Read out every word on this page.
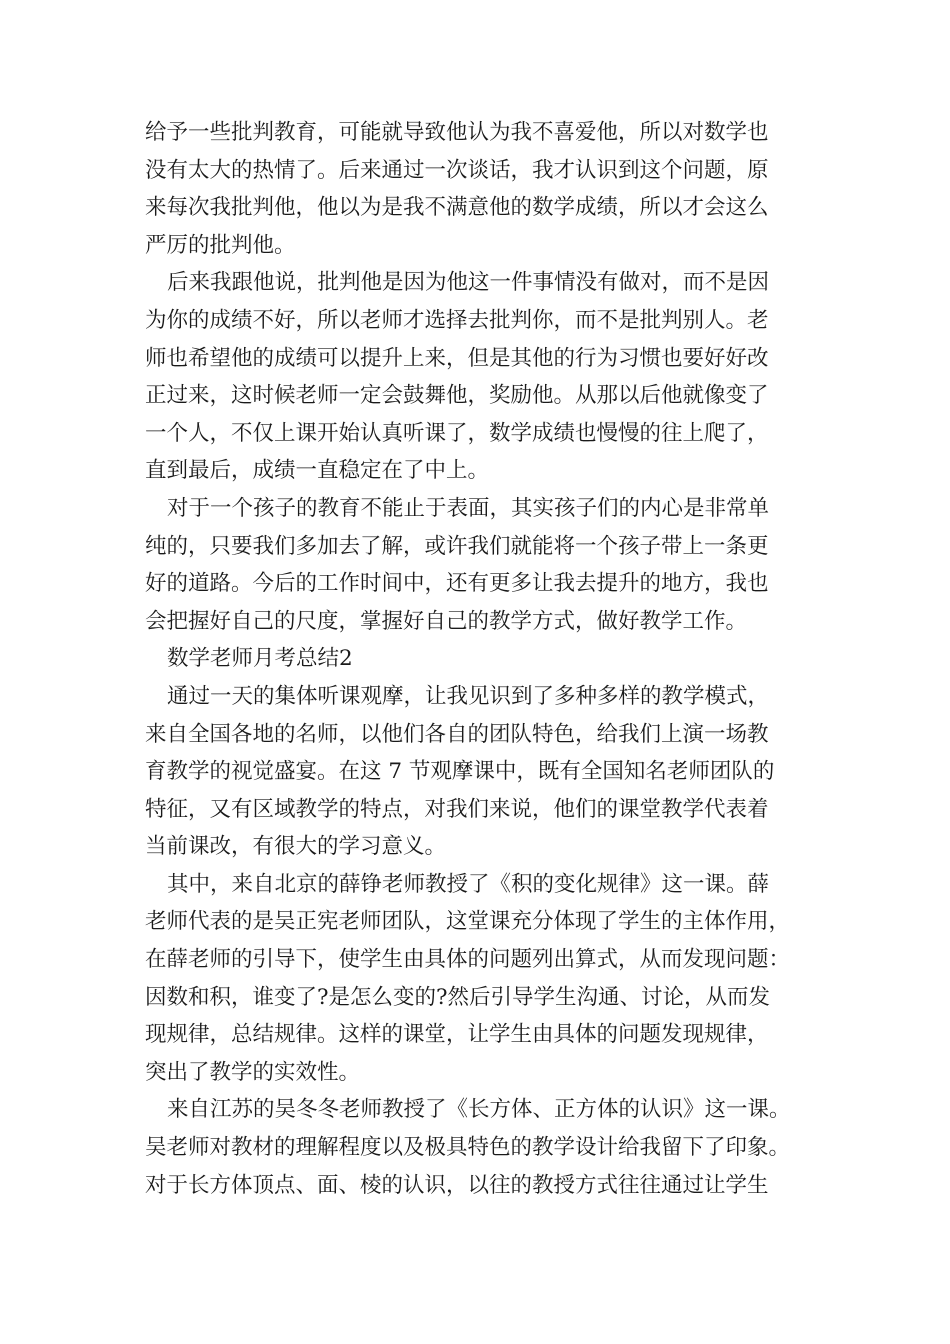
给予一些批判教育，可能就导致他认为我不喜爱他，所以对数学也
没有太大的热情了。后来通过一次谈话，我才认识到这个问题，原
来每次我批判他，他以为是我不满意他的数学成绩，所以才会这么
严厉的批判他。
后来我跟他说，批判他是因为他这一件事情没有做对，而不是因
为你的成绩不好，所以老师才选择去批判你，而不是批判别人。老
师也希望他的成绩可以提升上来，但是其他的行为习惯也要好好改
正过来，这时候老师一定会鼓舞他，奖励他。从那以后他就像变了
一个人，不仅上课开始认真听课了，数学成绩也慢慢的往上爬了，
直到最后，成绩一直稳定在了中上。
对于一个孩子的教育不能止于表面，其实孩子们的内心是非常单
纯的，只要我们多加去了解，或许我们就能将一个孩子带上一条更
好的道路。今后的工作时间中，还有更多让我去提升的地方，我也
会把握好自己的尺度，掌握好自己的教学方式，做好教学工作。
数学老师月考总结2
通过一天的集体听课观摩，让我见识到了多种多样的教学模式，
来自全国各地的名师，以他们各自的团队特色，给我们上演一场教
育教学的视觉盛宴。在这 7 节观摩课中，既有全国知名老师团队的
特征，又有区域教学的特点，对我们来说，他们的课堂教学代表着
当前课改，有很大的学习意义。
其中，来自北京的薛铮老师教授了《积的变化规律》这一课。薛
老师代表的是吴正宪老师团队，这堂课充分体现了学生的主体作用，
在薛老师的引导下，使学生由具体的问题列出算式，从而发现问题：
因数和积，谁变了?是怎么变的?然后引导学生沟通、讨论，从而发
现规律，总结规律。这样的课堂，让学生由具体的问题发现规律，
突出了教学的实效性。
来自江苏的吴冬冬老师教授了《长方体、正方体的认识》这一课。
吴老师对教材的理解程度以及极具特色的教学设计给我留下了印象。
对于长方体顶点、面、棱的认识，以往的教授方式往往通过让学生
